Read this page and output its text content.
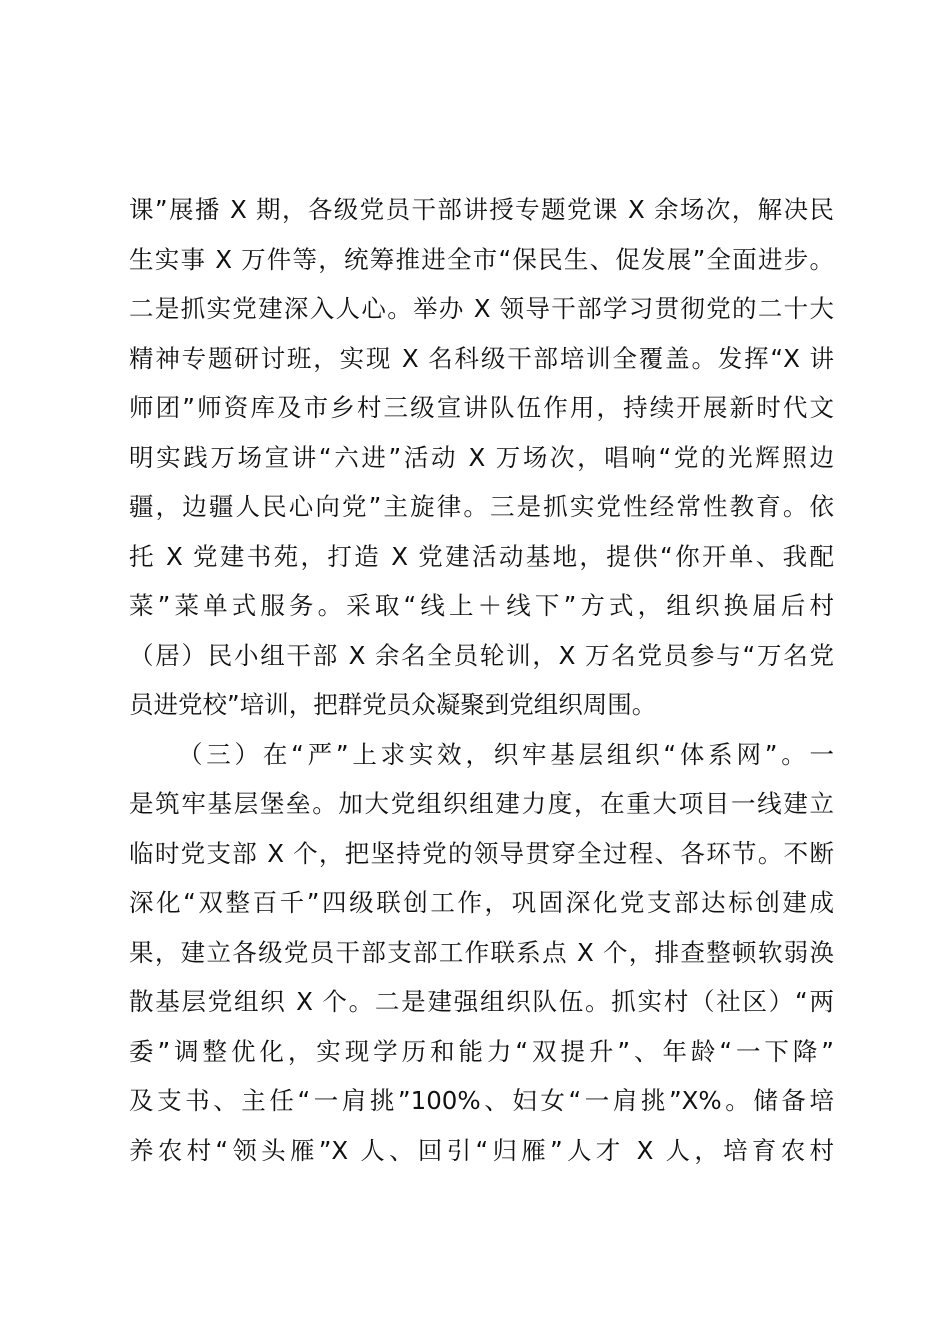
课”展播 X 期，各级党员干部讲授专题党课 X 余场次，解决民
生实事 X 万件等，统筹推进全市“保民生、促发展”全面进步。
二是抓实党建深入人心。举办 X 领导干部学习贯彻党的二十大
精神专题研讨班，实现 X 名科级干部培训全覆盖。发挥“X 讲
师团”师资库及市乡村三级宣讲队伍作用，持续开展新时代文
明实践万场宣讲“六进”活动 X 万场次，唱响“党的光辉照边
疆，边疆人民心向党”主旋律。三是抓实党性经常性教育。依
托 X 党建书苑，打造 X 党建活动基地，提供“你开单、我配
菜”菜单式服务。采取“线上＋线下”方式，组织换届后村
（居）民小组干部 X 余名全员轮训，X 万名党员参与“万名党
员进党校”培训，把群党员众凝聚到党组织周围。
（三）在“严”上求实效，织牢基层组织“体系网”。一
是筑牢基层堡垒。加大党组织组建力度，在重大项目一线建立
临时党支部 X 个，把坚持党的领导贯穿全过程、各环节。不断
深化“双整百千”四级联创工作，巩固深化党支部达标创建成
果，建立各级党员干部支部工作联系点 X 个，排查整顿软弱涣
散基层党组织 X 个。二是建强组织队伍。抓实村（社区）“两
委”调整优化，实现学历和能力“双提升”、年龄“一下降”
及支书、主任“一肩挑”100%、妇女“一肩挑”X%。储备培
养农村“领头雁”X 人、回引“归雁”人才 X 人，培育农村
